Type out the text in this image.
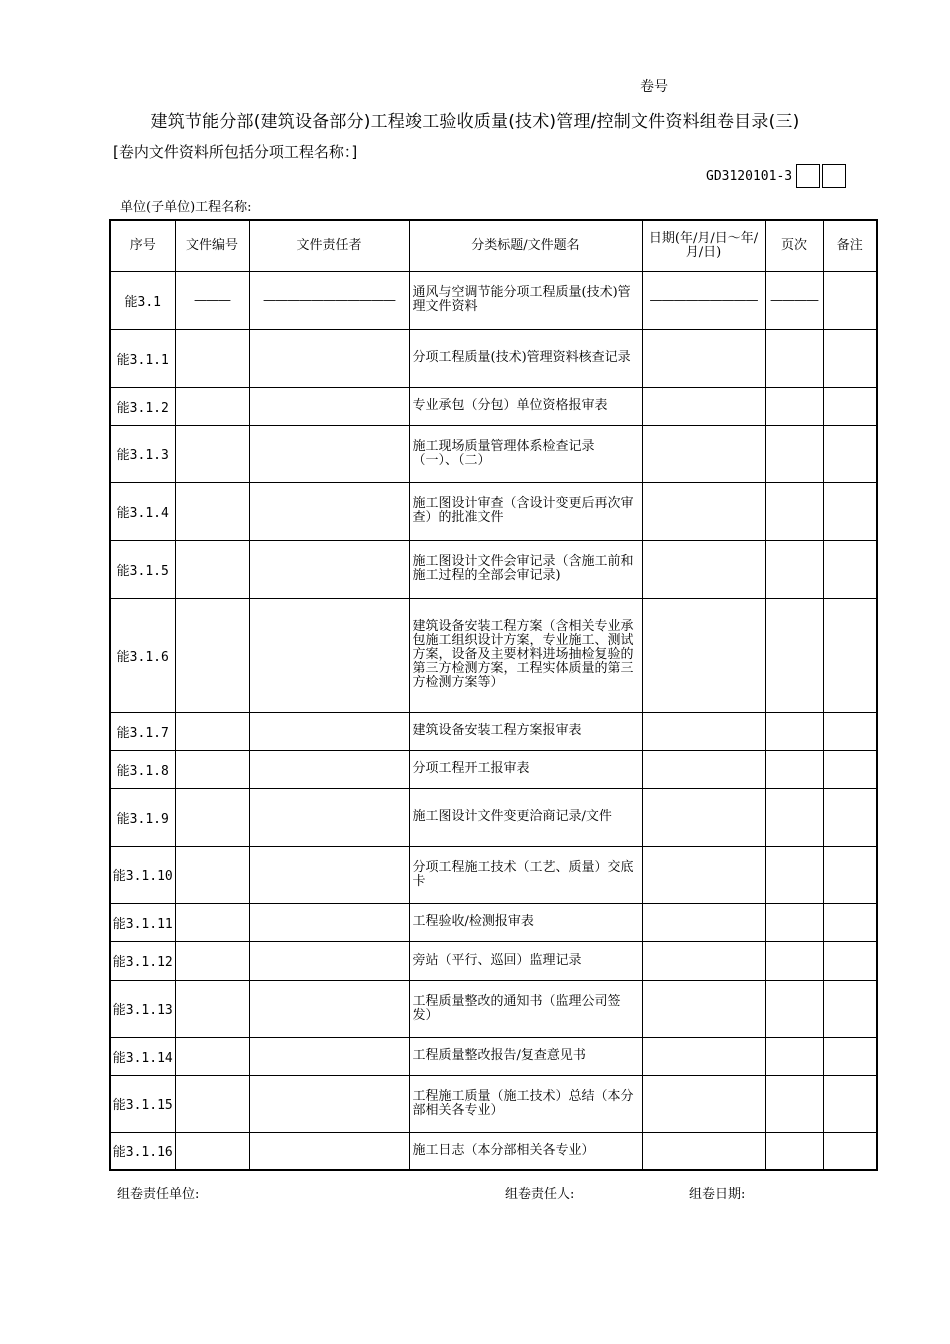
卷号
建筑节能分部(建筑设备部分)工程竣工验收质量(技术)管理/控制文件资料组卷目录(三)
[卷内文件资料所包括分项工程名称：]
GD3120101-3
单位(子单位)工程名称:
序号	文件编号	文件责任者	分类标题/文件题名	日期(年/月/日～年/月/日)	页次	备注
能3.1	———	———————————	通风与空调节能分项工程质量(技术)管理文件资料	—————————	————	
能3.1.1			分项工程质量(技术)管理资料核查记录			
能3.1.2			专业承包（分包）单位资格报审表			
能3.1.3			施工现场质量管理体系检查记录（一）、（二）			
能3.1.4			施工图设计审查（含设计变更后再次审查）的批准文件			
能3.1.5			施工图设计文件会审记录（含施工前和施工过程的全部会审记录)			
能3.1.6			建筑设备安装工程方案（含相关专业承包施工组织设计方案，专业施工、测试方案，设备及主要材料进场抽检复验的第三方检测方案，工程实体质量的第三方检测方案等）			
能3.1.7			建筑设备安装工程方案报审表			
能3.1.8			分项工程开工报审表			
能3.1.9			施工图设计文件变更洽商记录/文件			
能3.1.10			分项工程施工技术（工艺、质量）交底卡			
能3.1.11			工程验收/检测报审表			
能3.1.12			旁站（平行、巡回）监理记录			
能3.1.13			工程质量整改的通知书（监理公司签发）			
能3.1.14			工程质量整改报告/复查意见书			
能3.1.15			工程施工质量（施工技术）总结（本分部相关各专业）			
能3.1.16			施工日志（本分部相关各专业）			
组卷责任单位:	组卷责任人:	组卷日期:
